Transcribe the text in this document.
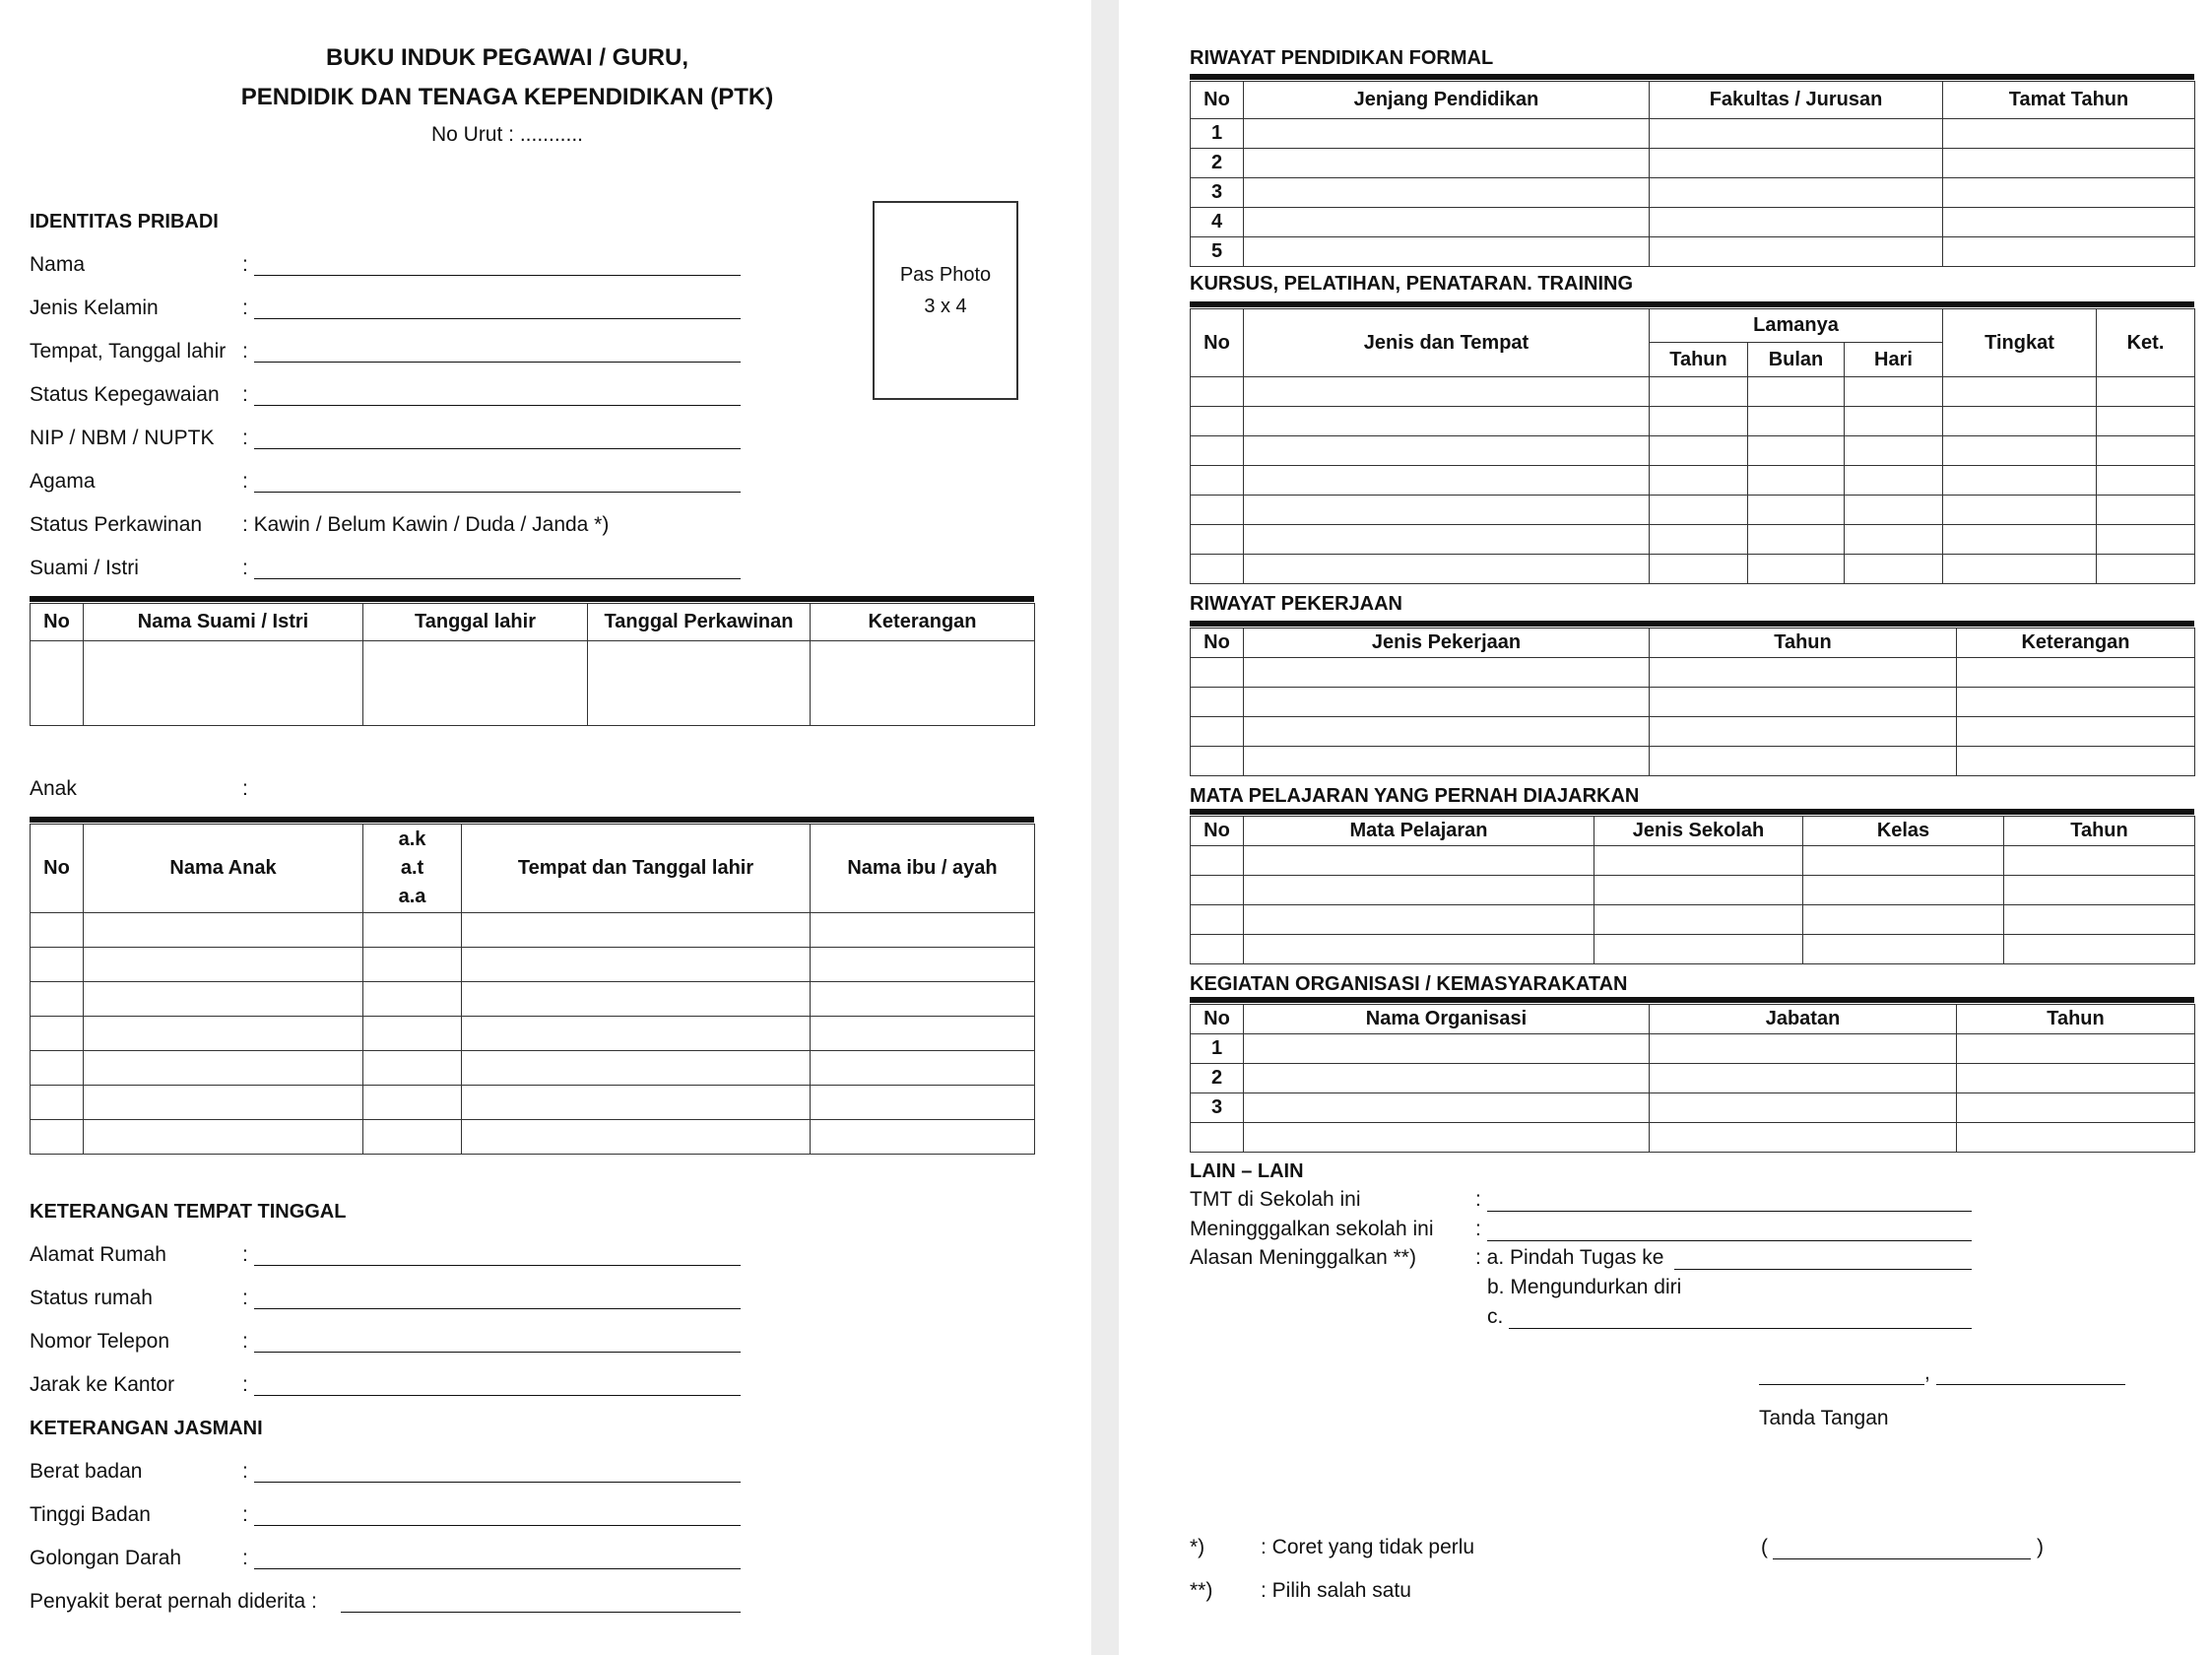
BUKU INDUK PEGAWAI / GURU,
PENDIDIK DAN TENAGA KEPENDIDIKAN (PTK)
No Urut : ...........
IDENTITAS PRIBADI
Nama	:
Jenis Kelamin	:
Tempat, Tanggal lahir :
Status Kepegawaian :
NIP / NBM / NUPTK :
Agama	:
Status Perkawinan : Kawin / Belum Kawin / Duda / Janda *)
Suami / Istri	:
Pas Photo
3 x 4
No	Nama Suami / Istri	Tanggal lahir	Tanggal Perkawinan	Keterangan

Anak	:
No	Nama Anak	a.k
a.t
a.a	Tempat dan Tanggal lahir	Nama ibu / ayah

KETERANGAN TEMPAT TINGGAL
Alamat Rumah	:
Status rumah	:
Nomor Telepon	:
Jarak ke Kantor	:
KETERANGAN JASMANI
Berat badan	:
Tinggi Badan	:
Golongan Darah	:
Penyakit berat pernah diderita :
RIWAYAT PENDIDIKAN FORMAL
No	Jenjang Pendidikan	Fakultas / Jurusan	Tamat Tahun
1			
2			
3			
4			
5			
KURSUS, PELATIHAN, PENATARAN. TRAINING
No	Jenis dan Tempat	Lamanya			Tingkat	Ket.
		Tahun	Bulan	Hari		

RIWAYAT PEKERJAAN
No	Jenis Pekerjaan	Tahun	Keterangan

MATA PELAJARAN YANG PERNAH DIAJARKAN
No	Mata Pelajaran	Jenis Sekolah	Kelas	Tahun

KEGIATAN ORGANISASI / KEMASYARAKATAN
No	Nama Organisasi	Jabatan	Tahun
1			
2			
3			

LAIN – LAIN
TMT di Sekolah ini	:
Meningggalkan sekolah ini :
Alasan Meninggalkan **)	: a. Pindah Tugas ke
b. Mengundurkan diri
c.
,
Tanda Tangan
*)	: Coret yang tidak perlu
**) : Pilih salah satu
(	)
